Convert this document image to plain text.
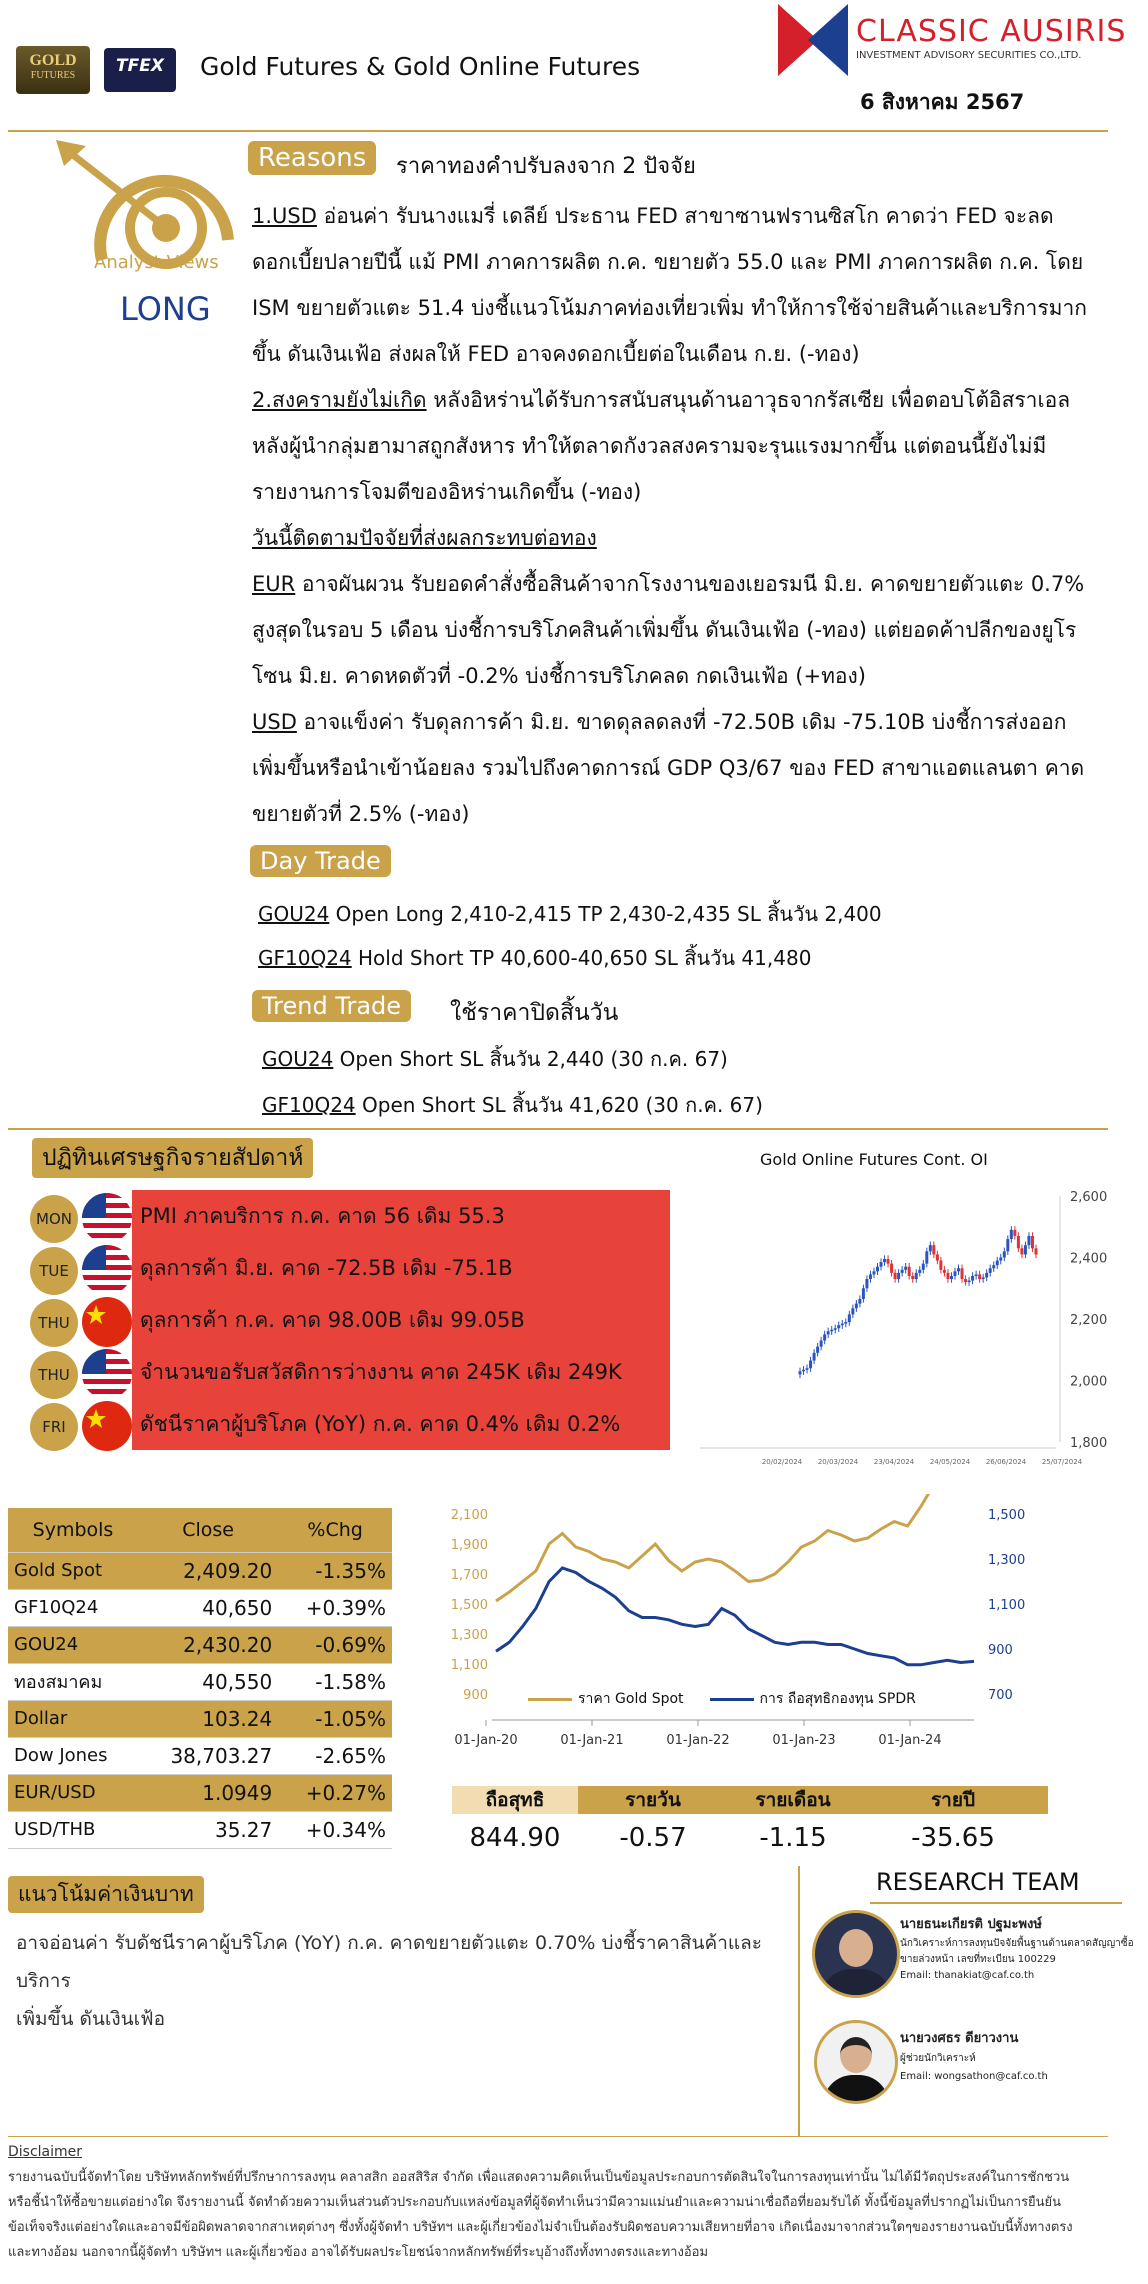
GOLD
FUTURES	TFEX	Gold Futures & Gold Online Futures
CLASSIC AUSIRIS
INVESTMENT ADVISORY SECURITIES CO.,LTD.
6 สิงหาคม 2567
Analyst Views
LONG
Reasons	ราคาทองคำปรับลงจาก 2 ปัจจัย
1.USD อ่อนค่า รับนางแมรี่ เดลีย์ ประธาน FED สาขาซานฟรานซิสโก คาดว่า FED จะลด
ดอกเบี้ยปลายปีนี้ แม้ PMI ภาคการผลิต ก.ค. ขยายตัว 55.0 และ PMI ภาคการผลิต ก.ค. โดย
ISM ขยายตัวแตะ 51.4 บ่งชี้แนวโน้มภาคท่องเที่ยวเพิ่ม ทำให้การใช้จ่ายสินค้าและบริการมาก
ขึ้น ดันเงินเฟ้อ ส่งผลให้ FED อาจคงดอกเบี้ยต่อในเดือน ก.ย. (-ทอง)
2.สงครามยังไม่เกิด หลังอิหร่านได้รับการสนับสนุนด้านอาวุธจากรัสเซีย เพื่อตอบโต้อิสราเอล
หลังผู้นำกลุ่มฮามาสถูกสังหาร ทำให้ตลาดกังวลสงครามจะรุนแรงมากขึ้น แต่ตอนนี้ยังไม่มี
รายงานการโจมตีของอิหร่านเกิดขึ้น (-ทอง)
วันนี้ติดตามปัจจัยที่ส่งผลกระทบต่อทอง
EUR อาจผันผวน รับยอดคำสั่งซื้อสินค้าจากโรงงานของเยอรมนี มิ.ย. คาดขยายตัวแตะ 0.7%
สูงสุดในรอบ 5 เดือน บ่งชี้การบริโภคสินค้าเพิ่มขึ้น ดันเงินเฟ้อ (-ทอง) แต่ยอดค้าปลีกของยูโร
โซน มิ.ย. คาดหดตัวที่ -0.2% บ่งชี้การบริโภคลด กดเงินเฟ้อ (+ทอง)
USD อาจแข็งค่า รับดุลการค้า มิ.ย. ขาดดุลลดลงที่ -72.50B เดิม -75.10B บ่งชี้การส่งออก
เพิ่มขึ้นหรือนำเข้าน้อยลง รวมไปถึงคาดการณ์ GDP Q3/67 ของ FED สาขาแอตแลนตา คาด
ขยายตัวที่ 2.5% (-ทอง)
Day Trade
GOU24 Open Long 2,410-2,415 TP 2,430-2,435 SL สิ้นวัน 2,400
GF10Q24 Hold Short TP 40,600-40,650 SL สิ้นวัน 41,480
Trend Trade	ใช้ราคาปิดสิ้นวัน
GOU24 Open Short SL สิ้นวัน 2,440 (30 ก.ค. 67)
GF10Q24 Open Short SL สิ้นวัน 41,620 (30 ก.ค. 67)
ปฏิทินเศรษฐกิจรายสัปดาห์
MON	PMI ภาคบริการ ก.ค. คาด 56 เดิม 55.3
TUE	ดุลการค้า มิ.ย. คาด -72.5B เดิม -75.1B
THU	ดุลการค้า ก.ค. คาด 98.00B เดิม 99.05B
THU	จำนวนขอรับสวัสดิการว่างงาน คาด 245K เดิม 249K
FRI	ดัชนีราคาผู้บริโภค (YoY) ก.ค. คาด 0.4% เดิม 0.2%
Gold Online Futures Cont. OI
2,600
2,400
2,200
2,000
1,800
20/02/2024 20/03/2024 23/04/2024 24/05/2024 26/06/2024 25/07/2024
Symbols	Close	%Chg
Gold Spot	2,409.20	-1.35%
GF10Q24	40,650	+0.39%
GOU24	2,430.20	-0.69%
ทองสมาคม	40,550	-1.58%
Dollar	103.24	-1.05%
Dow Jones	38,703.27	-2.65%
EUR/USD	1.0949	+0.27%
USD/THB	35.27	+0.34%
2,100
1,900
1,700
1,500
1,300
1,100
900
1,500
1,300
1,100
900
700
01-Jan-20	01-Jan-21	01-Jan-22	01-Jan-23	01-Jan-24
ราคา Gold Spot	การ ถือสุทธิกองทุน SPDR
ถือสุทธิ	รายวัน	รายเดือน	รายปี
844.90	-0.57	-1.15	-35.65
แนวโน้มค่าเงินบาท
อาจอ่อนค่า รับดัชนีราคาผู้บริโภค (YoY) ก.ค. คาดขยายตัวแตะ 0.70% บ่งชี้ราคาสินค้าและบริการ
เพิ่มขึ้น ดันเงินเฟ้อ
RESEARCH TEAM
นายธนะเกียรติ ปฐมะพงษ์
นักวิเคราะห์การลงทุนปัจจัยพื้นฐานด้านตลาดสัญญาซื้อ
ขายล่วงหน้า เลขที่ทะเบียน 100229
Email: thanakiat@caf.co.th
นายวงศธร ดียาวงาน
ผู้ช่วยนักวิเคราะห์
Email: wongsathon@caf.co.th
Disclaimer
รายงานฉบับนี้จัดทำโดย บริษัทหลักทรัพย์ที่ปรึกษาการลงทุน คลาสสิก ออสสิริส จำกัด เพื่อแสดงความคิดเห็นเป็นข้อมูลประกอบการตัดสินใจในการลงทุนเท่านั้น ไม่ได้มีวัตถุประสงค์ในการชักชวน
หรือชี้นำให้ซื้อขายแต่อย่างใด จึงรายงานนี้ จัดทำด้วยความเห็นส่วนตัวประกอบกับแหล่งข้อมูลที่ผู้จัดทำเห็นว่ามีความแม่นยำและความน่าเชื่อถือที่ยอมรับได้ ทั้งนี้ข้อมูลที่ปรากฏไม่เป็นการยืนยัน
ข้อเท็จจริงแต่อย่างใดและอาจมีข้อผิดพลาดจากสาเหตุต่างๆ ซึ่งทั้งผู้จัดทำ บริษัทฯ และผู้เกี่ยวข้องไม่จำเป็นต้องรับผิดชอบความเสียหายที่อาจ เกิดเนื่องมาจากส่วนใดๆของรายงานฉบับนี้ทั้งทางตรง
และทางอ้อม นอกจากนี้ผู้จัดทำ บริษัทฯ และผู้เกี่ยวข้อง อาจได้รับผลประโยชน์จากหลักทรัพย์ที่ระบุอ้างถึงทั้งทางตรงและทางอ้อม
